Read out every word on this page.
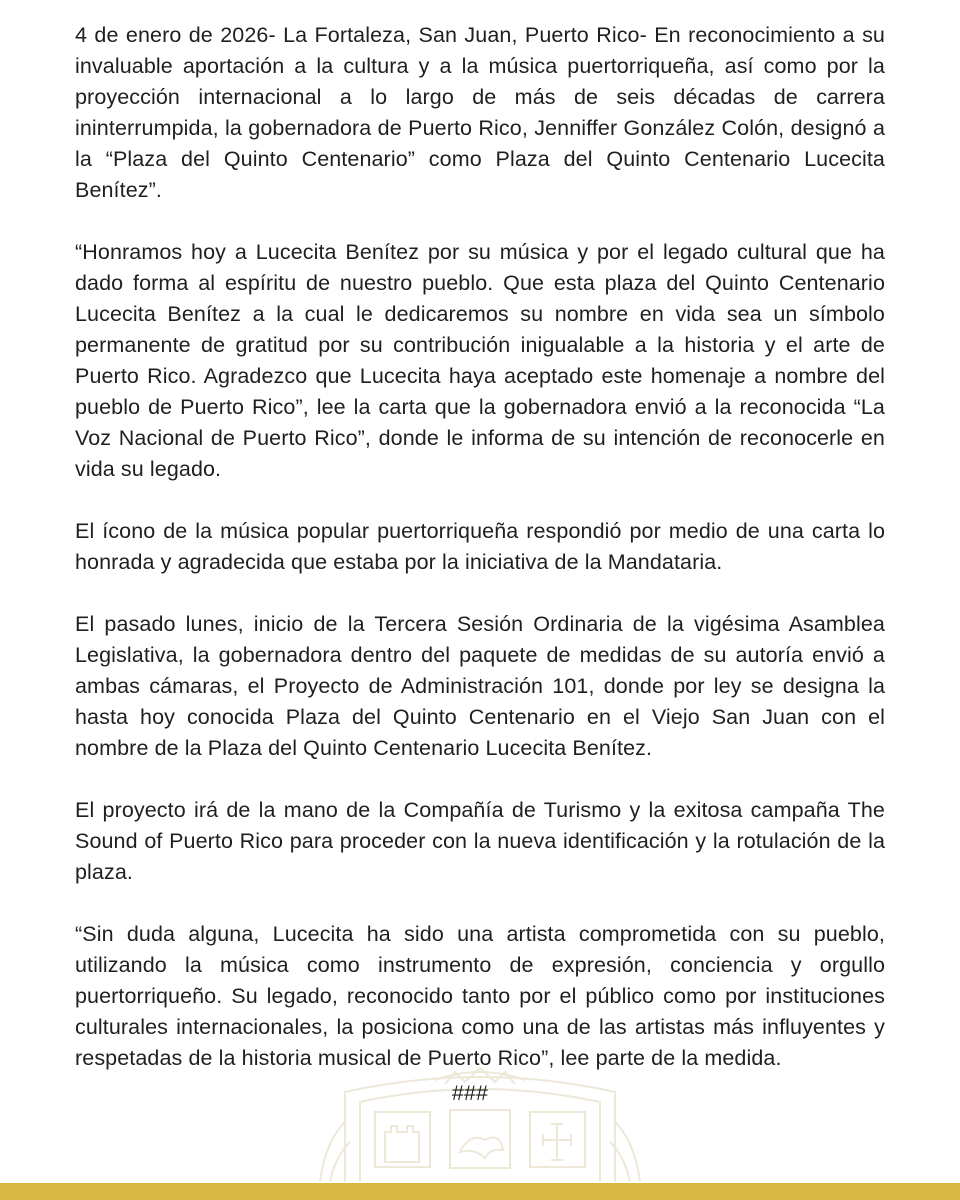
4 de enero de 2026- La Fortaleza, San Juan, Puerto Rico- En reconocimiento a su invaluable aportación a la cultura y a la música puertorriqueña, así como por la proyección internacional a lo largo de más de seis décadas de carrera ininterrumpida, la gobernadora de Puerto Rico, Jenniffer González Colón, designó a la “Plaza del Quinto Centenario” como Plaza del Quinto Centenario Lucecita Benítez”.

“Honramos hoy a Lucecita Benítez por su música y por el legado cultural que ha dado forma al espíritu de nuestro pueblo. Que esta plaza del Quinto Centenario Lucecita Benítez a la cual le dedicaremos su nombre en vida sea un símbolo permanente de gratitud por su contribución inigualable a la historia y el arte de Puerto Rico. Agradezco que Lucecita haya aceptado este homenaje a nombre del pueblo de Puerto Rico”, lee la carta que la gobernadora envió a la reconocida “La Voz Nacional de Puerto Rico”, donde le informa de su intención de reconocerle en vida su legado.

El ícono de la música popular puertorriqueña respondió por medio de una carta lo honrada y agradecida que estaba por la iniciativa de la Mandataria.

El pasado lunes, inicio de la Tercera Sesión Ordinaria de la vigésima Asamblea Legislativa, la gobernadora dentro del paquete de medidas de su autoría envió a ambas cámaras, el Proyecto de Administración 101, donde por ley se designa la hasta hoy conocida Plaza del Quinto Centenario en el Viejo San Juan con el nombre de la Plaza del Quinto Centenario Lucecita Benítez.

El proyecto irá de la mano de la Compañía de Turismo y la exitosa campaña The Sound of Puerto Rico para proceder con la nueva identificación y la rotulación de la plaza.

“Sin duda alguna, Lucecita ha sido una artista comprometida con su pueblo, utilizando la música como instrumento de expresión, conciencia y orgullo puertorriqueño. Su legado, reconocido tanto por el público como por instituciones culturales internacionales, la posiciona como una de las artistas más influyentes y respetadas de la historia musical de Puerto Rico”, lee parte de la medida.

###
